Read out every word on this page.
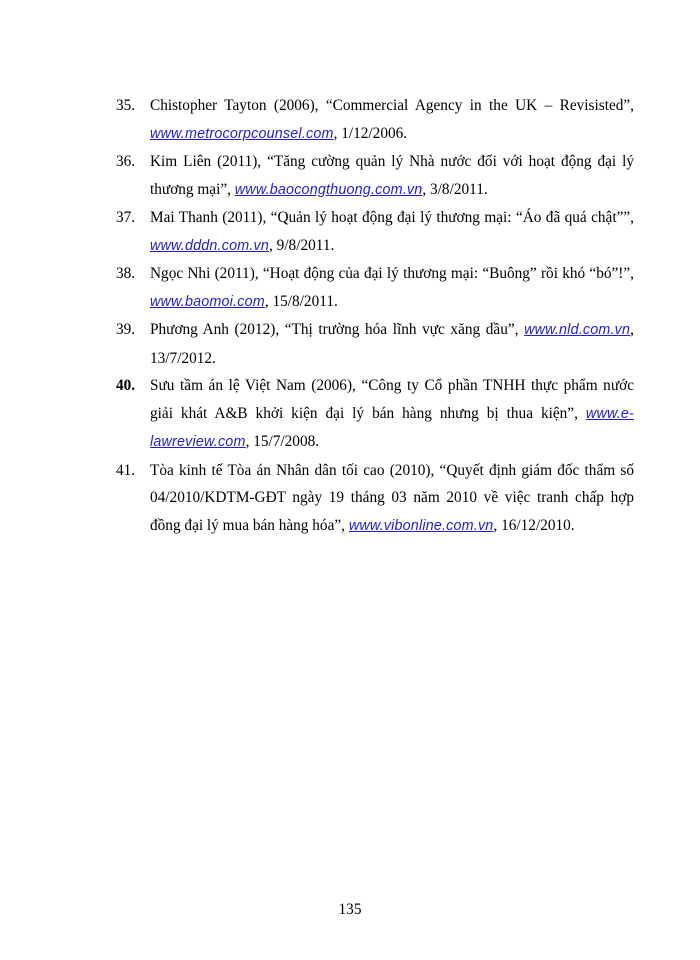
35. Chistopher Tayton (2006), “Commercial Agency in the UK – Revisisted”, www.metrocorpcounsel.com, 1/12/2006.
36. Kim Liên (2011), “Tăng cường quản lý Nhà nước đối với hoạt động đại lý thương mại”, www.baocongthuong.com.vn, 3/8/2011.
37. Mai Thanh (2011), “Quản lý hoạt động đại lý thương mại: “Áo đã quá chật””, www.dddn.com.vn, 9/8/2011.
38. Ngọc Nhi (2011), “Hoạt động của đại lý thương mại: “Buông” rồi khó “bó”!”, www.baomoi.com, 15/8/2011.
39. Phương Anh (2012), “Thị trường hóa lĩnh vực xăng dầu”, www.nld.com.vn, 13/7/2012.
40. Sưu tầm án lệ Việt Nam (2006), “Công ty Cổ phần TNHH thực phẩm nước giải khát A&B khởi kiện đại lý bán hàng nhưng bị thua kiện”, www.e-lawreview.com, 15/7/2008.
41. Tòa kinh tế Tòa án Nhân dân tối cao (2010), “Quyết định giám đốc thẩm số 04/2010/KDTM-GĐT ngày 19 tháng 03 năm 2010 về việc tranh chấp hợp đồng đại lý mua bán hàng hóa”, www.vibonline.com.vn, 16/12/2010.
135
